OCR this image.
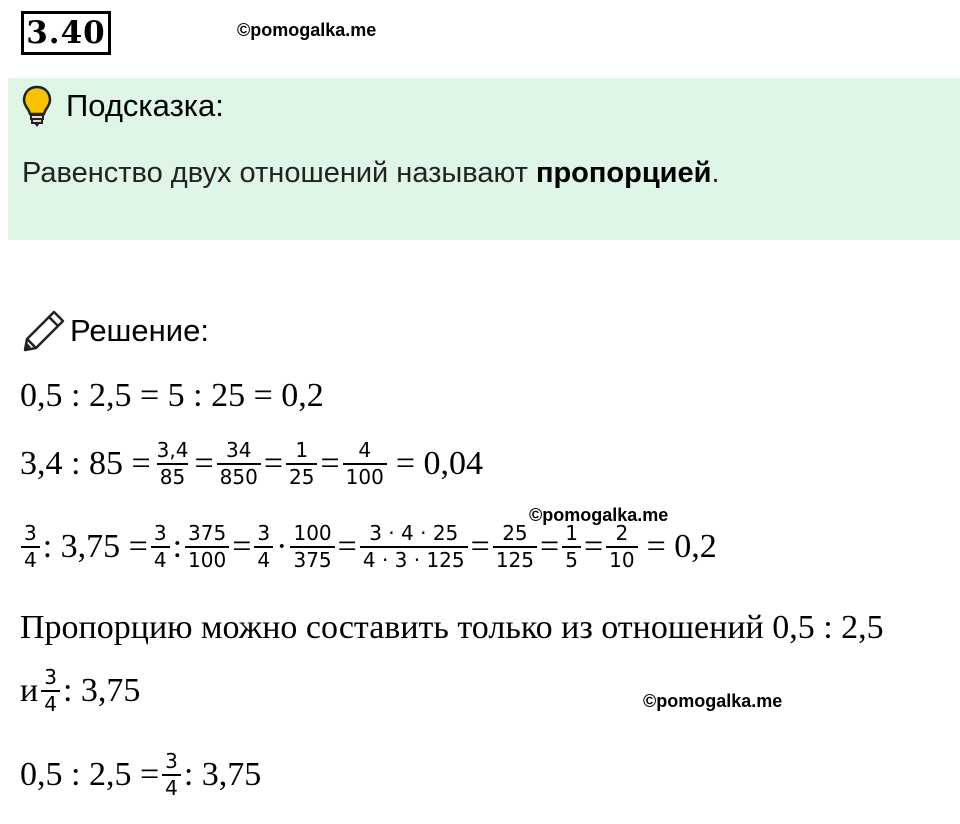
3.40	©pomogalka.me
Подсказка:
Равенство двух отношений называют пропорцией.
Решение:
0,5 : 2,5 = 5 : 25 = 0,2
3,4 : $85 = \frac{3,4}{85} = \frac{34}{850} = \frac{1}{25} = \frac{4}{100} = 0,04$
©pomogalka.me
$\frac{3}{4}$ : $3,75 = \frac{3}{4}$ : $\frac{375}{100} = \frac{3}{4} \cdot \frac{100}{375} = \frac{3 \cdot 4 \cdot 25}{4 \cdot 3 \cdot 125} = \frac{25}{125} = \frac{1}{5} = \frac{2}{10} = 0,2$
Пропорцию можно составить только из отношений 0,5 : 2,5
и $\frac{3}{4}$ : 3,75	©pomogalka.me
0,5 : $2,5 = \frac{3}{4}$ : 3,75
